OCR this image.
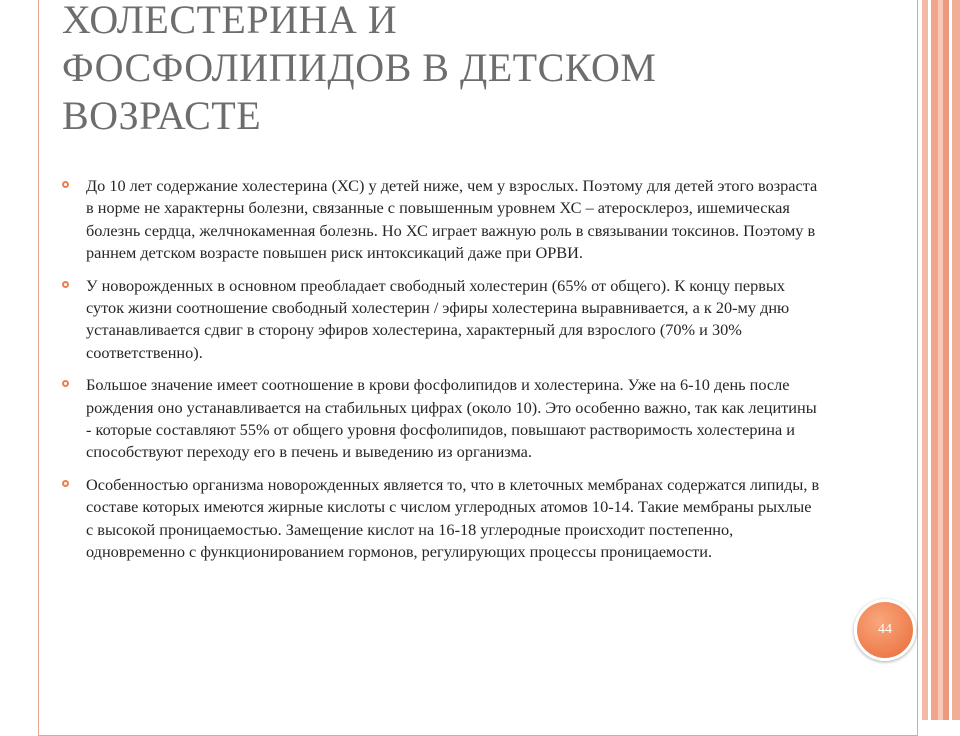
ХОЛЕСТЕРИНА И
ФОСФОЛИПИДОВ В ДЕТСКОМ
ВОЗРАСТЕ
До 10 лет содержание холестерина (ХС) у детей ниже, чем у взрослых. Поэтому для детей этого возраста в норме не характерны болезни, связанные с повышенным уровнем ХС – атеросклероз, ишемическая болезнь сердца, желчнокаменная болезнь. Но ХС играет важную роль в связывании токсинов. Поэтому в раннем детском возрасте повышен риск интоксикаций даже при ОРВИ.
У новорожденных в основном преобладает свободный холестерин (65% от общего). К концу первых суток жизни соотношение свободный холестерин / эфиры холестерина выравнивается, а к 20-му дню устанавливается сдвиг в сторону эфиров холестерина, характерный для взрослого (70% и 30% соответственно).
Большое значение имеет соотношение в крови фосфолипидов и холестерина. Уже на 6-10 день после рождения оно устанавливается на стабильных цифрах (около 10). Это особенно важно, так как лецитины - которые составляют 55% от общего уровня фосфолипидов, повышают растворимость холестерина и способствуют переходу его в печень и выведению из организма.
Особенностью организма новорожденных является то, что в клеточных мембранах содержатся липиды, в составе которых имеются жирные кислоты с числом углеродных атомов 10-14. Такие мембраны рыхлые с высокой проницаемостью. Замещение кислот на 16-18 углеродные происходит постепенно, одновременно с функционированием гормонов, регулирующих процессы проницаемости.
44
